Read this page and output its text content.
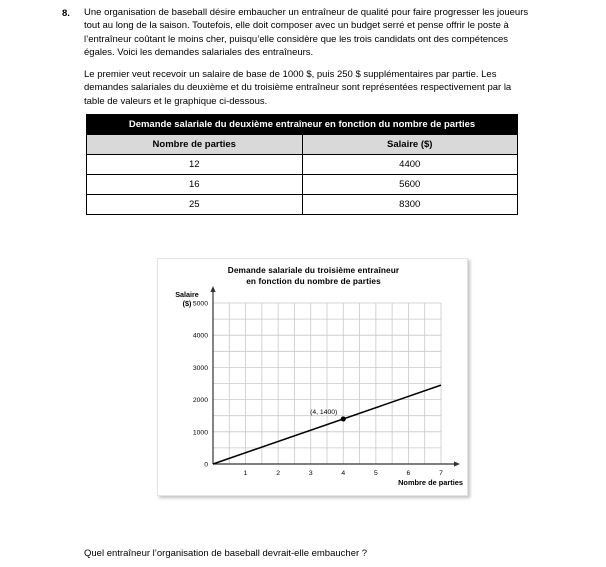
8. Une organisation de baseball désire embaucher un entraîneur de qualité pour faire progresser les joueurs tout au long de la saison. Toutefois, elle doit composer avec un budget serré et pense offrir le poste à l’entraîneur coûtant le moins cher, puisqu’elle considère que les trois candidats ont des compétences égales. Voici les demandes salariales des entraîneurs.

Le premier veut recevoir un salaire de base de 1000 $, puis 250 $ supplémentaires par partie. Les demandes salariales du deuxième et du troisième entraîneur sont représentées respectivement par la table de valeurs et le graphique ci-dessous.

Demande salariale du deuxième entraîneur en fonction du nombre de parties	
Nombre de parties	Salaire ($)
12	4400
16	5600
25	8300
Demande salariale du troisième entraîneur
en fonction du nombre de parties
Salaire
($)
Nombre de parties
0
1000
2000
3000
4000
5000
1	2	3	4	5	6	7
(4, 1400)
Quel entraîneur l’organisation de baseball devrait-elle embaucher ?
